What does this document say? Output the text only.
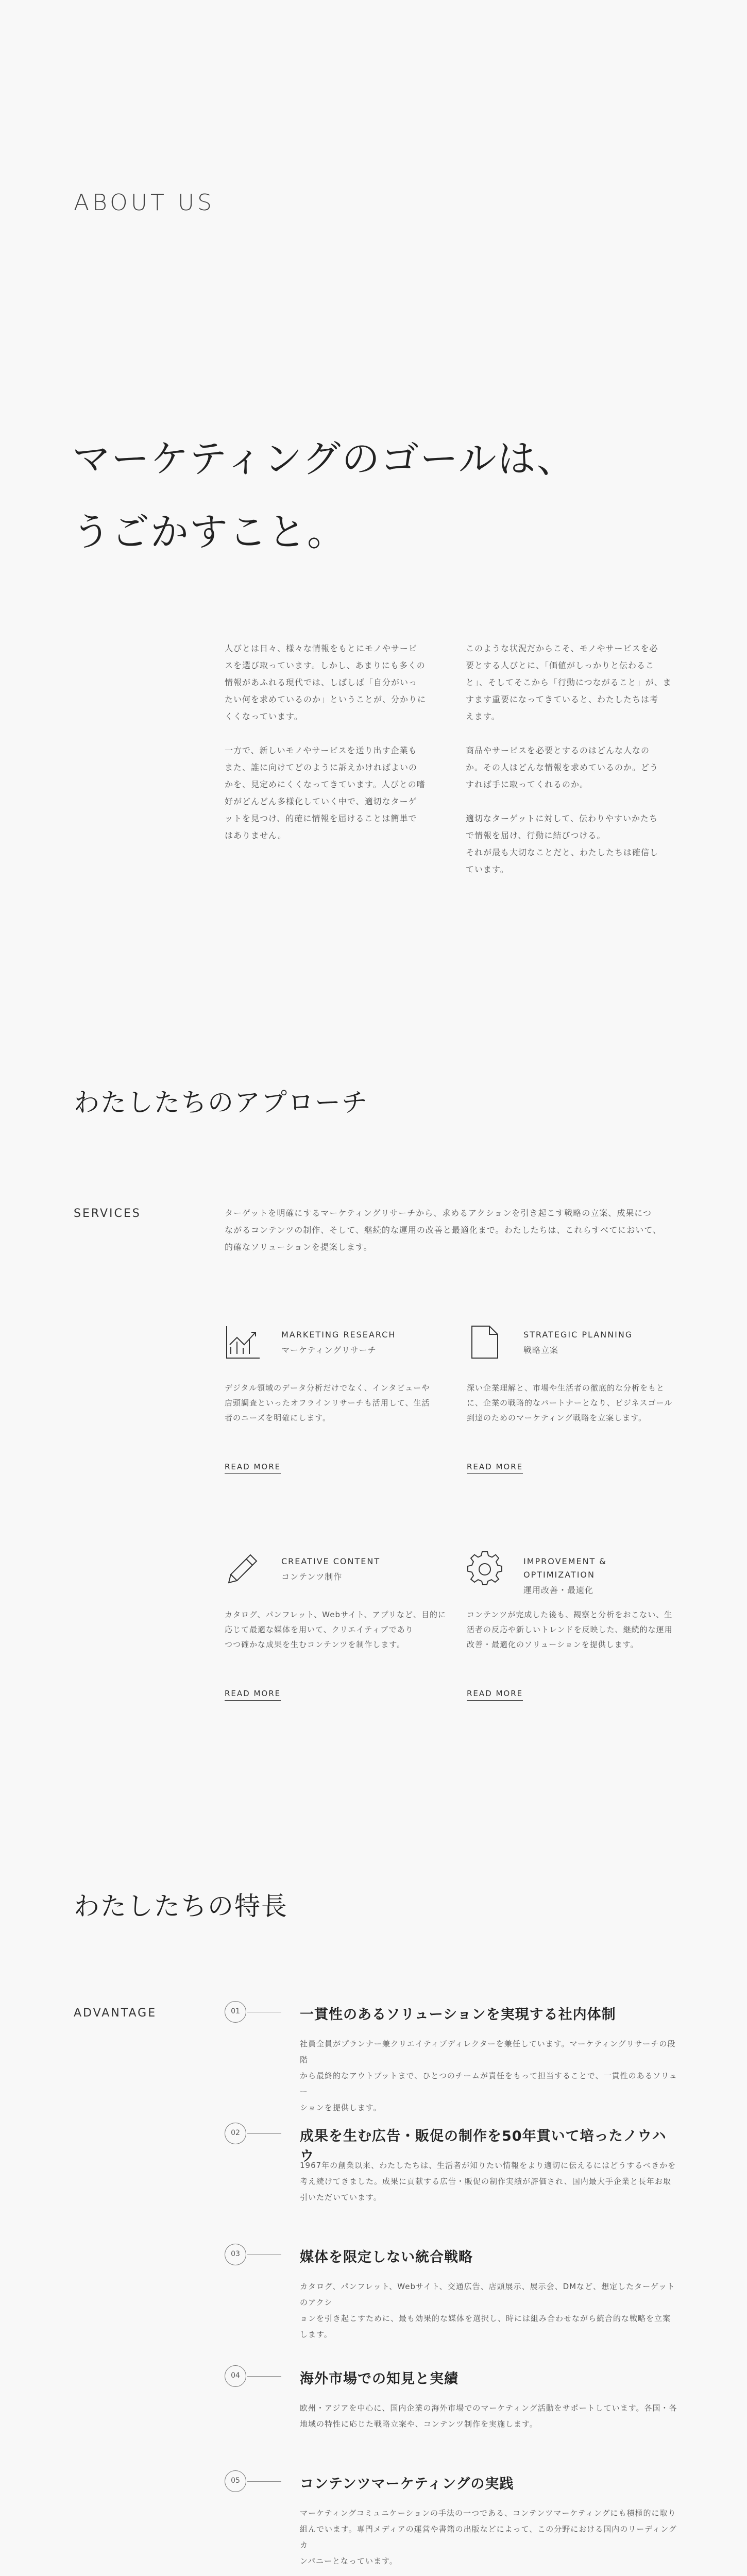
ABOUT US
マーケティングのゴールは、
うごかすこと。

人びとは日々、様々な情報をもとにモノやサービ
スを選び取っています。しかし、あまりにも多くの
情報があふれる現代では、しばしば「自分がいっ
たい何を求めているのか」ということが、分かりに
くくなっています。

一方で、新しいモノやサービスを送り出す企業も
また、誰に向けてどのように訴えかければよいの
かを、見定めにくくなってきています。人びとの嗜
好がどんどん多様化していく中で、適切なターゲ
ットを見つけ、的確に情報を届けることは簡単で
はありません。

このような状況だからこそ、モノやサービスを必
要とする人びとに、「価値がしっかりと伝わるこ
と」、そしてそこから「行動につながること」が、ま
すます重要になってきていると、わたしたちは考
えます。

商品やサービスを必要とするのはどんな人なの
か。その人はどんな情報を求めているのか。どう
すれば手に取ってくれるのか。

適切なターゲットに対して、伝わりやすいかたち
で情報を届け、行動に結びつける。
それが最も大切なことだと、わたしたちは確信し
ています。

わたしたちのアプローチ
SERVICES	ターゲットを明確にするマーケティングリサーチから、求めるアクションを引き起こす戦略の立案、成果につ
ながるコンテンツの制作、そして、継続的な運用の改善と最適化まで。わたしたちは、これらすべてにおいて、
的確なソリューションを提案します。
MARKETING RESEARCH
マーケティングリサーチ
デジタル領域のデータ分析だけでなく、インタビューや
店頭調査といったオフラインリサーチも活用して、生活
者のニーズを明確にします。
READ MORE
STRATEGIC PLANNING
戦略立案
深い企業理解と、市場や生活者の徹底的な分析をもと
に、企業の戦略的なパートナーとなり、ビジネスゴール
到達のためのマーケティング戦略を立案します。
READ MORE
CREATIVE CONTENT
コンテンツ制作
カタログ、パンフレット、Webサイト、アプリなど、目的に
応じて最適な媒体を用いて、クリエイティブであり
つつ確かな成果を生むコンテンツを制作します。
READ MORE
IMPROVEMENT &
OPTIMIZATION
運用改善・最適化
コンテンツが完成した後も、観察と分析をおこない、生
活者の反応や新しいトレンドを反映した、継続的な運用
改善・最適化のソリューションを提供します。
READ MORE
わたしたちの特長
ADVANTAGE	01	一貫性のあるソリューションを実現する社内体制
社員全員がプランナー兼クリエイティブディレクターを兼任しています。マーケティングリサーチの段階
から最終的なアウトプットまで、ひとつのチームが責任をもって担当することで、一貫性のあるソリュー
ションを提供します。
02	成果を生む広告・販促の制作を50年貫いて培ったノウハウ
1967年の創業以来、わたしたちは、生活者が知りたい情報をより適切に伝えるにはどうするべきかを
考え続けてきました。成果に貢献する広告・販促の制作実績が評価され、国内最大手企業と長年お取
引いただいています。
03	媒体を限定しない統合戦略
カタログ、パンフレット、Webサイト、交通広告、店頭展示、展示会、DMなど、想定したターゲットのアクシ
ョンを引き起こすために、最も効果的な媒体を選択し、時には組み合わせながら統合的な戦略を立案
します。
04	海外市場での知見と実績
欧州・アジアを中心に、国内企業の海外市場でのマーケティング活動をサポートしています。各国・各
地域の特性に応じた戦略立案や、コンテンツ制作を実施します。
05	コンテンツマーケティングの実践
マーケティングコミュニケーションの手法の一つである、コンテンツマーケティングにも積極的に取り
組んでいます。専門メディアの運営や書籍の出版などによって、この分野における国内のリーディングカ
ンパニーとなっています。
